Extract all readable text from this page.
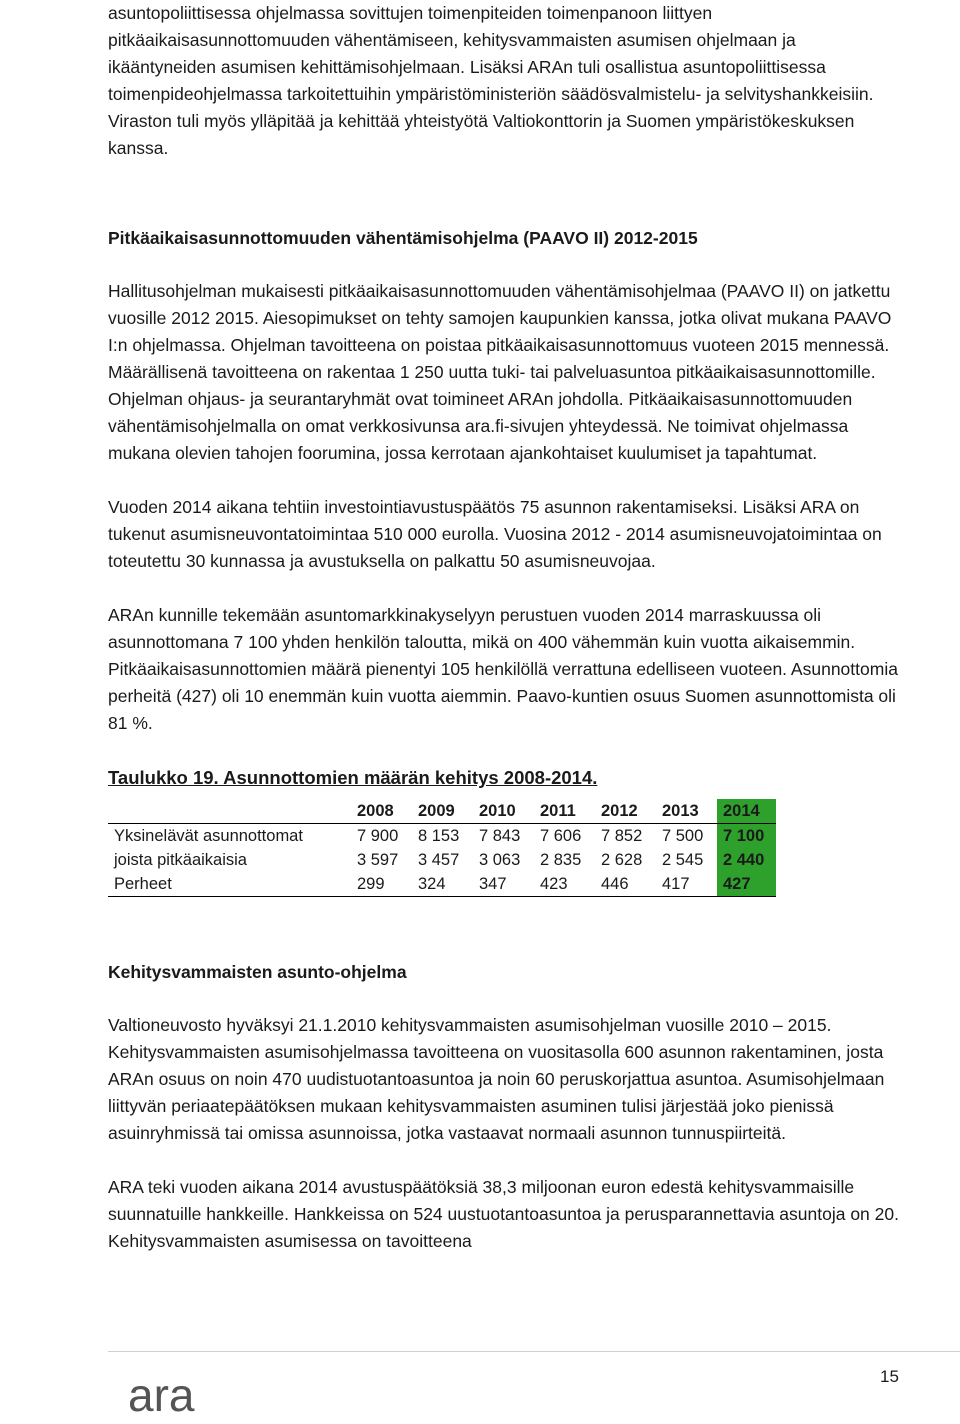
asuntopoliittisessa ohjelmassa sovittujen toimenpiteiden toimenpanoon liittyen pitkäaikaisasunnottomuuden vähentämiseen, kehitysvammaisten asumisen ohjelmaan ja ikääntyneiden asumisen kehittämisohjelmaan. Lisäksi ARAn tuli osallistua asuntopoliittisessa toimenpideohjelmassa tarkoitettuihin ympäristöministeriön säädösvalmistelu- ja selvityshankkeisiin. Viraston tuli myös ylläpitää ja kehittää yhteistyötä Valtiokonttorin ja Suomen ympäristökeskuksen kanssa.

Pitkäaikaisasunnottomuuden vähentämisohjelma (PAAVO II) 2012-2015

Hallitusohjelman mukaisesti pitkäaikaisasunnottomuuden vähentämisohjelmaa (PAAVO II) on jatkettu vuosille 2012 2015. Aiesopimukset on tehty samojen kaupunkien kanssa, jotka olivat mukana PAAVO I:n ohjelmassa. Ohjelman tavoitteena on poistaa pitkäaikaisasunnottomuus vuoteen 2015 mennessä. Määrällisenä tavoitteena on rakentaa 1 250 uutta tuki- tai palveluasuntoa pitkäaikaisasunnottomille. Ohjelman ohjaus- ja seurantaryhmät ovat toimineet ARAn johdolla. Pitkäaikaisasunnottomuuden vähentämisohjelmalla on omat verkkosivunsa ara.fi-sivujen yhteydessä. Ne toimivat ohjelmassa mukana olevien tahojen foorumina, jossa kerrotaan ajankohtaiset kuulumiset ja tapahtumat.

Vuoden 2014 aikana tehtiin investointiavustuspäätös 75 asunnon rakentamiseksi. Lisäksi ARA on tukenut asumisneuvontatoimintaa 510 000 eurolla. Vuosina 2012 - 2014 asumisneuvojatoimintaa on toteutettu 30 kunnassa ja avustuksella on palkattu 50 asumisneuvojaa.

ARAn kunnille tekemään asuntomarkkinakyselyyn perustuen vuoden 2014 marraskuussa oli asunnottomana 7 100 yhden henkilön taloutta, mikä on 400 vähemmän kuin vuotta aikaisemmin. Pitkäaikaisasunnottomien määrä pienentyi 105 henkilöllä verrattuna edelliseen vuoteen. Asunnottomia perheitä (427) oli 10 enemmän kuin vuotta aiemmin. Paavo-kuntien osuus Suomen asunnottomista oli 81 %.

Taulukko 19. Asunnottomien määrän kehitys 2008-2014.
	2008	2009	2010	2011	2012	2013	2014
Yksinelävät asunnottomat	7 900	8 153	7 843	7 606	7 852	7 500	7 100
joista pitkäaikaisia	3 597	3 457	3 063	2 835	2 628	2 545	2 440
Perheet	299	324	347	423	446	417	427
Kehitysvammaisten asunto-ohjelma

Valtioneuvosto hyväksyi 21.1.2010 kehitysvammaisten asumisohjelman vuosille 2010 – 2015. Kehitysvammaisten asumisohjelmassa tavoitteena on vuositasolla 600 asunnon rakentaminen, josta ARAn osuus on noin 470 uudistuotantoasuntoa ja noin 60 peruskorjattua asuntoa. Asumisohjelmaan liittyvän periaatepäätöksen mukaan kehitysvammaisten asuminen tulisi järjestää joko pienissä asuinryhmissä tai omissa asunnoissa, jotka vastaavat normaali asunnon tunnuspiirteitä.

ARA teki vuoden aikana 2014 avustuspäätöksiä 38,3 miljoonan euron edestä kehitysvammaisille suunnatuille hankkeille. Hankkeissa on 524 uustuotantoasuntoa ja perusparannettavia asuntoja on 20. Kehitysvammaisten asumisessa on tavoitteena

15
ara
